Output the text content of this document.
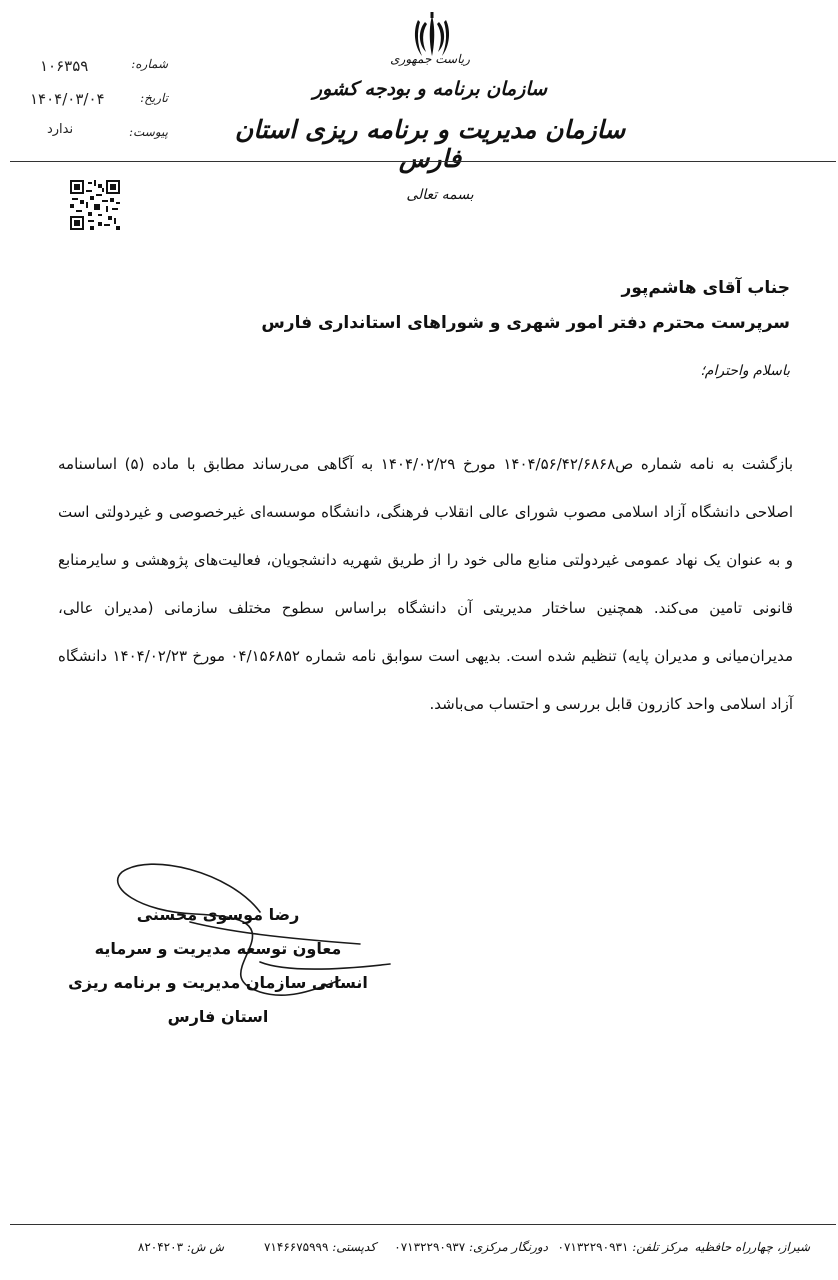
ریاست جمهوری
سازمان برنامه و بودجه کشور
سازمان مدیریت و برنامه ریزی استان فارس
شماره:
۱۰۶۳۵۹
تاریخ:
۱۴۰۴/۰۳/۰۴
پیوست:
ندارد
بسمه تعالی
جناب آقای هاشم‌پور
سرپرست محترم دفتر امور شهری و شوراهای استانداری فارس
باسلام واحترام؛
بازگشت به نامه شماره ص۱۴۰۴/۵۶/۴۲/۶۸۶۸ مورخ ۱۴۰۴/۰۲/۲۹ به آگاهی می‌رساند مطابق با ماده (۵) اساسنامه اصلاحی دانشگاه آزاد اسلامی مصوب شورای عالی انقلاب فرهنگی، دانشگاه موسسه‌ای غیرخصوصی و غیردولتی است و به عنوان یک نهاد عمومی غیردولتی منابع مالی خود را از طریق شهریه دانشجویان، فعالیت‌های پژوهشی و سایرمنابع قانونی تامین می‌کند. همچنین ساختار مدیریتی آن دانشگاه براساس سطوح مختلف سازمانی (مدیران عالی، مدیران‌میانی و مدیران پایه) تنظیم شده است. بدیهی است سوابق نامه شماره ۰۴/۱۵۶۸۵۲ مورخ ۱۴۰۴/۰۲/۲۳ دانشگاه آزاد اسلامی واحد کازرون قابل بررسی و احتساب می‌باشد.
رضا موسوی محسنی
معاون توسعه مدیریت و سرمایه
انسانی سازمان مدیریت و برنامه ریزی
استان فارس
شیراز، چهارراه حافظیه
مرکز تلفن: ۰۷۱۳۲۲۹۰۹۳۱
دورنگار مرکزی: ۰۷۱۳۲۲۹۰۹۳۷
کدپستی: ۷۱۴۶۶۷۵۹۹۹
ش ش: ۸۲۰۴۲۰۳
